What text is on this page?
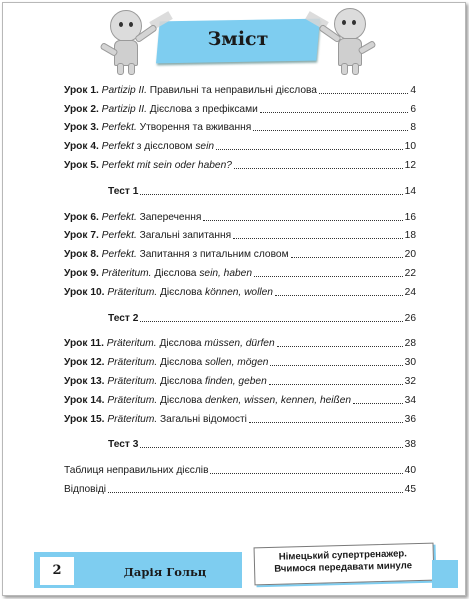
Зміст
Урок 1. Partizip II. Правильні та неправильні дієслова	4
Урок 2. Partizip II. Дієслова з префіксами	6
Урок 3. Perfekt. Утворення та вживання	8
Урок 4. Perfekt з дієсловом sein	10
Урок 5. Perfekt mit sein oder haben?	12
Тест 1	14
Урок 6. Perfekt. Заперечення	16
Урок 7. Perfekt. Загальні запитання	18
Урок 8. Perfekt. Запитання з питальним словом	20
Урок 9. Präteritum. Дієслова sein, haben	22
Урок 10. Präteritum. Дієслова können, wollen	24
Тест 2	26
Урок 11. Präteritum. Дієслова müssen, dürfen	28
Урок 12. Präteritum. Дієслова sollen, mögen	30
Урок 13. Präteritum. Дієслова finden, geben	32
Урок 14. Präteritum. Дієслова denken, wissen, kennen, heißen	34
Урок 15. Präteritum. Загальні відомості	36
Тест 3	38
Таблиця неправильних дієслів	40
Відповіді	45
2	Дарія Гольц
Німецький супертренажер.
Вчимося передавати минуле
